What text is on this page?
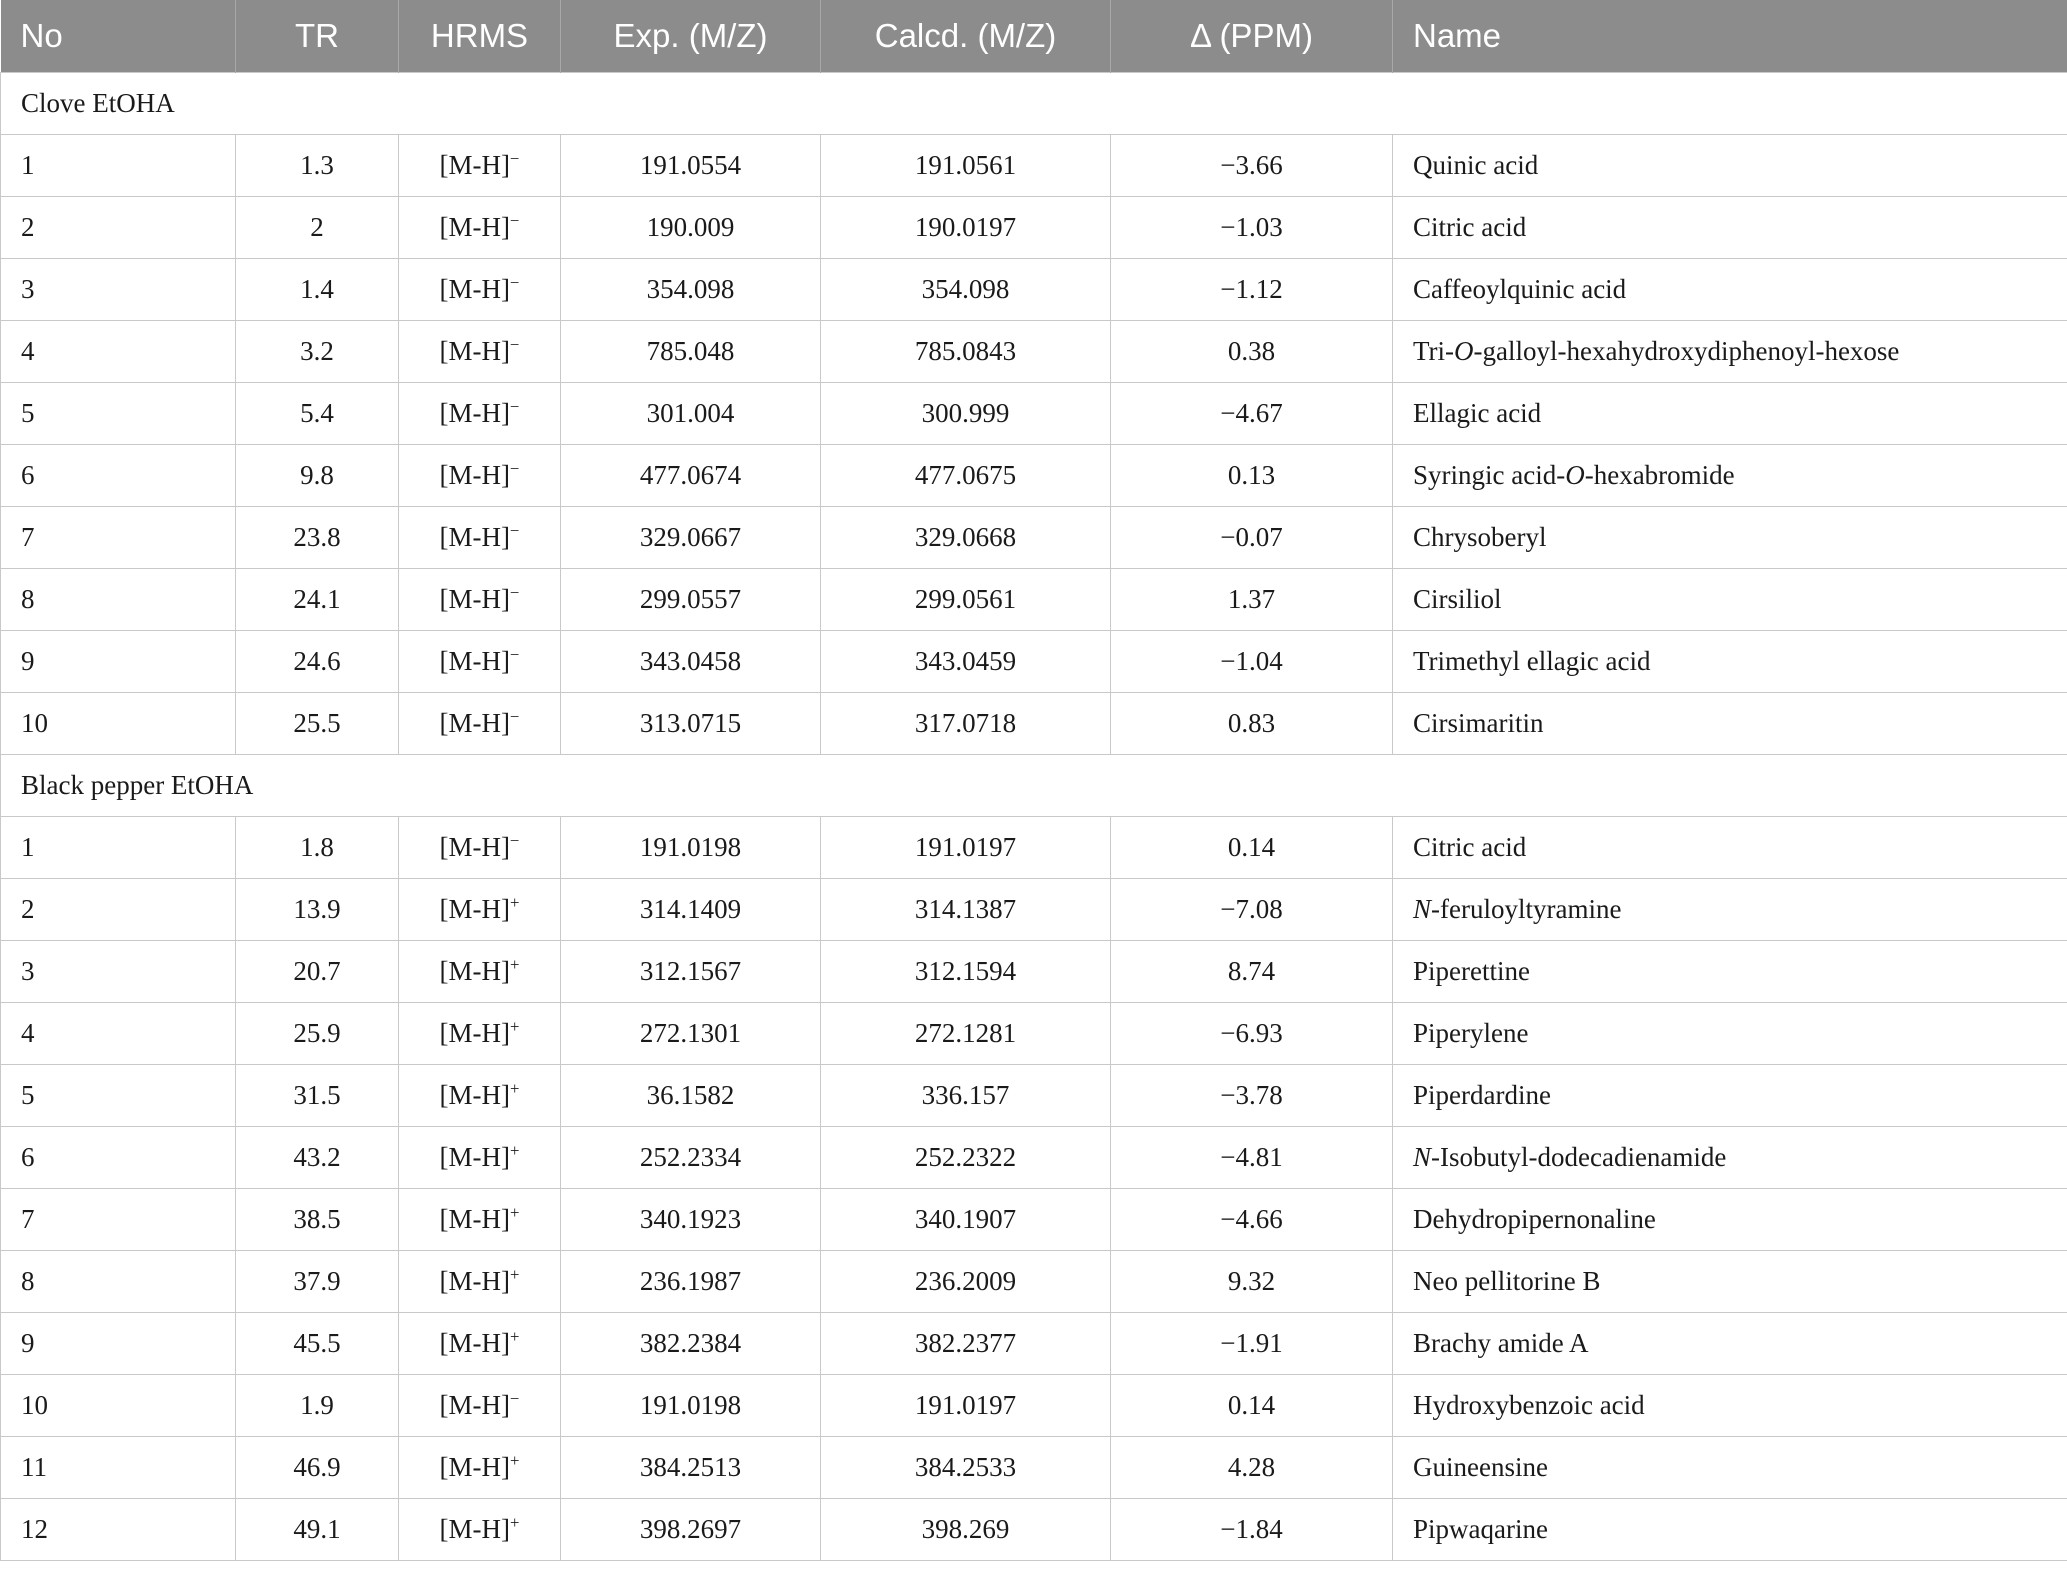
No	TR	HRMS	Exp. (M/Z)	Calcd. (M/Z)	Δ (PPM)	Name
Clove EtOHA						
1	1.3	[M-H]−	191.0554	191.0561	−3.66	Quinic acid
2	2	[M-H]−	190.009	190.0197	−1.03	Citric acid
3	1.4	[M-H]−	354.098	354.098	−1.12	Caffeoylquinic acid
4	3.2	[M-H]−	785.048	785.0843	0.38	Tri-O-galloyl-hexahydroxydiphenoyl-hexose
5	5.4	[M-H]−	301.004	300.999	−4.67	Ellagic acid
6	9.8	[M-H]−	477.0674	477.0675	0.13	Syringic acid-O-hexabromide
7	23.8	[M-H]−	329.0667	329.0668	−0.07	Chrysoberyl
8	24.1	[M-H]−	299.0557	299.0561	1.37	Cirsiliol
9	24.6	[M-H]−	343.0458	343.0459	−1.04	Trimethyl ellagic acid
10	25.5	[M-H]−	313.0715	317.0718	0.83	Cirsimaritin
Black pepper EtOHA						
1	1.8	[M-H]−	191.0198	191.0197	0.14	Citric acid
2	13.9	[M-H]+	314.1409	314.1387	−7.08	N-feruloyltyramine
3	20.7	[M-H]+	312.1567	312.1594	8.74	Piperettine
4	25.9	[M-H]+	272.1301	272.1281	−6.93	Piperylene
5	31.5	[M-H]+	36.1582	336.157	−3.78	Piperdardine
6	43.2	[M-H]+	252.2334	252.2322	−4.81	N-Isobutyl-dodecadienamide
7	38.5	[M-H]+	340.1923	340.1907	−4.66	Dehydropipernonaline
8	37.9	[M-H]+	236.1987	236.2009	9.32	Neo pellitorine B
9	45.5	[M-H]+	382.2384	382.2377	−1.91	Brachy amide A
10	1.9	[M-H]−	191.0198	191.0197	0.14	Hydroxybenzoic acid
11	46.9	[M-H]+	384.2513	384.2533	4.28	Guineensine
12	49.1	[M-H]+	398.2697	398.269	−1.84	Pipwaqarine
